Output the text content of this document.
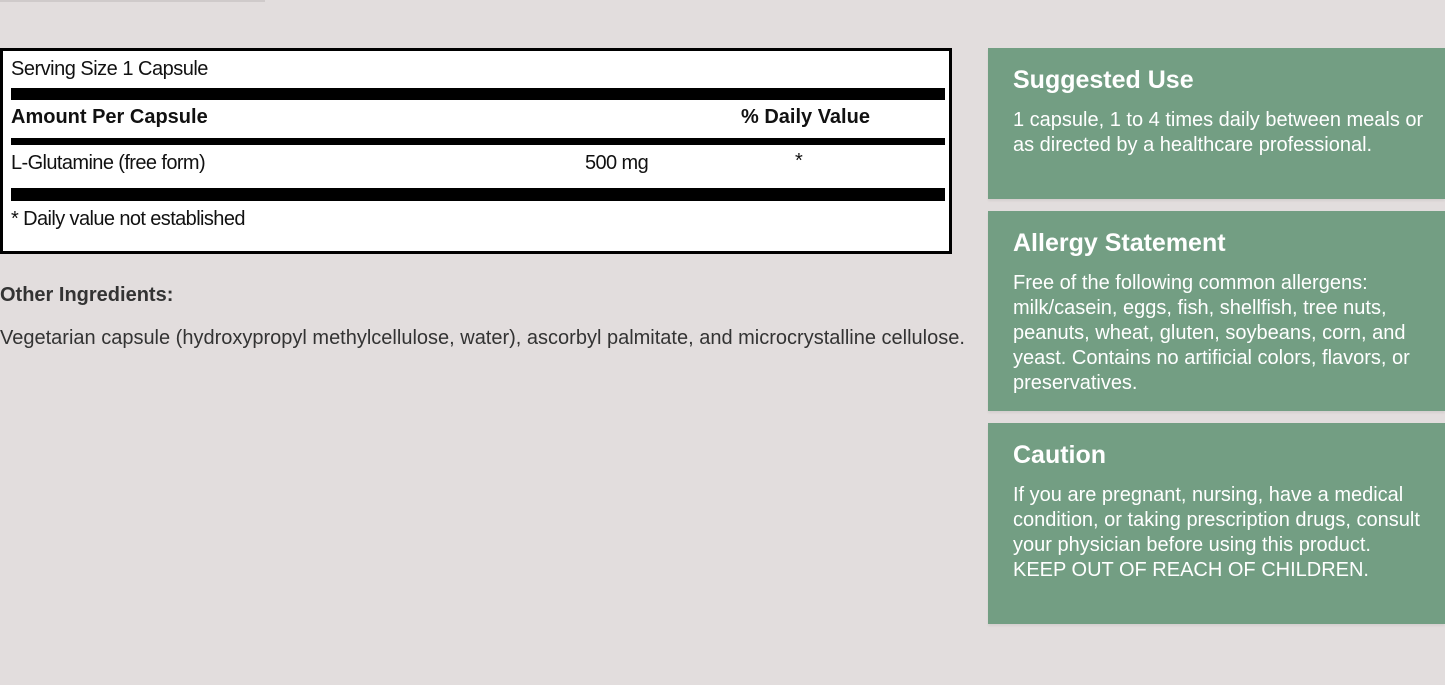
Serving Size 1 Capsule
Amount Per Capsule	% Daily Value
L-Glutamine (free form)	500 mg	*
* Daily value not established
Other Ingredients:
Vegetarian capsule (hydroxypropyl methylcellulose, water), ascorbyl palmitate, and microcrystalline cellulose.
Suggested Use

1 capsule, 1 to 4 times daily between meals or as directed by a healthcare professional.

Allergy Statement

Free of the following common allergens: milk/casein, eggs, fish, shellfish, tree nuts, peanuts, wheat, gluten, soybeans, corn, and yeast. Contains no artificial colors, flavors, or preservatives.

Caution

If you are pregnant, nursing, have a medical condition, or taking prescription drugs, consult your physician before using this product. KEEP OUT OF REACH OF CHILDREN.
